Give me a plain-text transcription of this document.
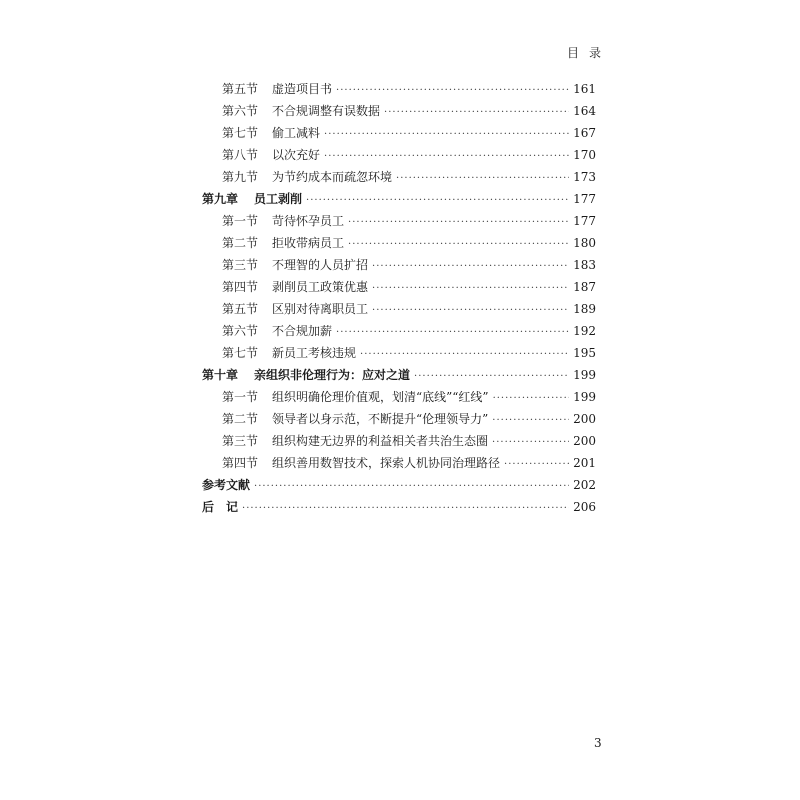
目录
第五节 虚造项目书 ·····	161
第六节 不合规调整有误数据 ·····	164
第七节 偷工减料 ·····	167
第八节 以次充好 ·····	170
第九节 为节约成本而疏忽环境 ·····	173
第九章 员工剥削 ·····	177
第一节 苛待怀孕员工 ·····	177
第二节 拒收带病员工 ·····	180
第三节 不理智的人员扩招 ·····	183
第四节 剥削员工政策优惠 ·····	187
第五节 区别对待离职员工 ·····	189
第六节 不合规加薪 ·····	192
第七节 新员工考核违规 ·····	195
第十章 亲组织非伦理行为：应对之道 ·····	199
第一节 组织明确伦理价值观，划清“底线”“红线” ·····	199
第二节 领导者以身示范，不断提升“伦理领导力” ·····	200
第三节 组织构建无边界的利益相关者共治生态圈 ·····	200
第四节 组织善用数智技术，探索人机协同治理路径 ·····	201
参考文献 ·····	202
后　记 ·····	206
3
